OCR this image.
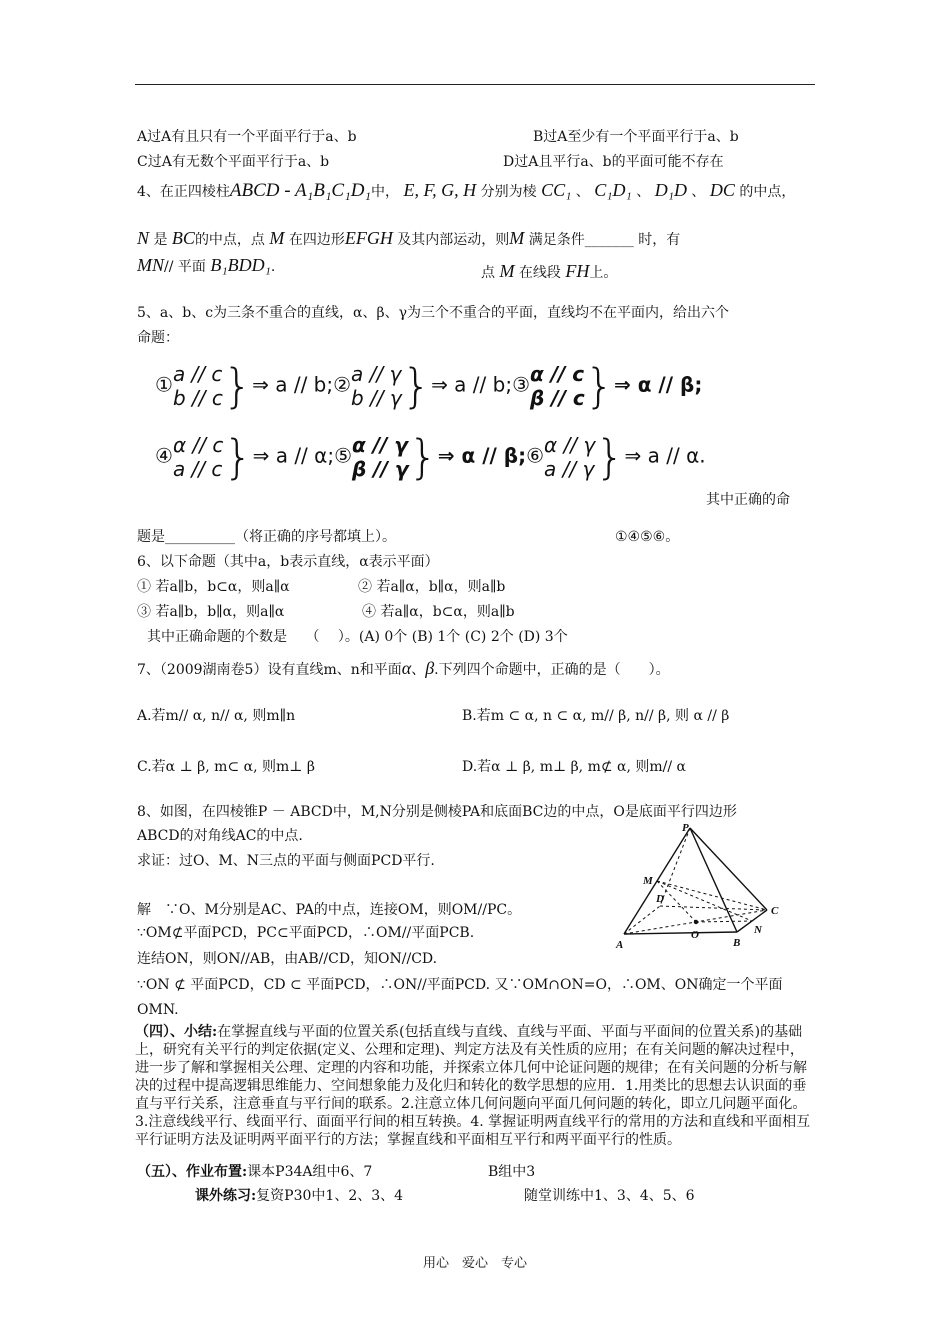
A过A有且只有一个平面平行于a、b	B过A至少有一个平面平行于a、b
C过A有无数个平面平行于a、b	D过A且平行a、b的平面可能不存在
4、在正四棱柱ABCD - A₁B₁C₁D₁中， E, F, G, H 分别为棱 CC₁ 、 C₁D₁ 、 D₁D 、 DC 的中点，
N 是 BC的中点，点 M 在四边形EFGH 及其内部运动，则M 满足条件_______ 时，有
MN// 平面 B₁BDD₁.	点 M 在线段 FH上。
5、a、b、c为三条不重合的直线，α、β、γ为三个不重合的平面，直线均不在平面内，给出六个
命题：
①a // c
b // c}⇒ a // b;②a // γ
b // γ}⇒ a // b;③α // c
β // c}⇒ α // β;
④α // c
a // c}⇒ a // α;⑤α // γ
β // γ}⇒ α // β;⑥α // γ
a // γ}⇒ a // α.
其中正确的命
题是__________（将正确的序号都填上）。	①④⑤⑥。
6、以下命题（其中a，b表示直线，α表示平面）
① 若a∥b，b⊂α，则a∥α	② 若a∥α，b∥α，则a∥b
③ 若a∥b，b∥α，则a∥α	④ 若a∥α，b⊂α，则a∥b
其中正确命题的个数是　 （　 ）。(A) 0个 (B) 1个 (C) 2个 (D) 3个
7、（2009湖南卷5）设有直线m、n和平面α、β.下列四个命题中，正确的是（　　）。
A.若m// α, n// α, 则m∥n	B.若m ⊂ α, n ⊂ α, m// β, n// β, 则 α // β
C.若α ⊥ β, m⊂ α, 则m⊥ β	D.若α ⊥ β, m⊥ β, m⊄ α, 则m// α
8、如图，在四棱锥P － ABCD中，M,N分别是侧棱PA和底面BC边的中点，O是底面平行四边形
ABCD的对角线AC的中点.
求证：过O、M、N三点的平面与侧面PCD平行.
P
M
D
C
O	N
A	B
解　∵O、M分别是AC、PA的中点，连接OM，则OM//PC。
∵OM⊄平面PCD，PC⊂平面PCD，∴OM//平面PCB.
连结ON，则ON//AB，由AB//CD，知ON//CD.
∵ON ⊄ 平面PCD，CD ⊂ 平面PCD，∴ON//平面PCD. 又∵OM∩ON=O，∴OM、ON确定一个平面
OMN.
（四）、小结:在掌握直线与平面的位置关系(包括直线与直线、直线与平面、平面与平面间的位置关系)的基础上，研究有关平行的判定依据(定义、公理和定理)、判定方法及有关性质的应用；在有关问题的解决过程中，进一步了解和掌握相关公理、定理的内容和功能，并探索立体几何中论证问题的规律；在有关问题的分析与解决的过程中提高逻辑思维能力、空间想象能力及化归和转化的数学思想的应用．1.用类比的思想去认识面的垂直与平行关系，注意垂直与平行间的联系。2.注意立体几何问题向平面几何问题的转化，即立几问题平面化。3.注意线线平行、线面平行、面面平行间的相互转换。4. 掌握证明两直线平行的常用的方法和直线和平面相互平行证明方法及证明两平面平行的方法；掌握直线和平面相互平行和两平面平行的性质。
（五）、作业布置:课本P34A组中6、7	B组中3
课外练习:复资P30中1、2、3、4	随堂训练中1、3、4、5、6
用心　爱心　专心
